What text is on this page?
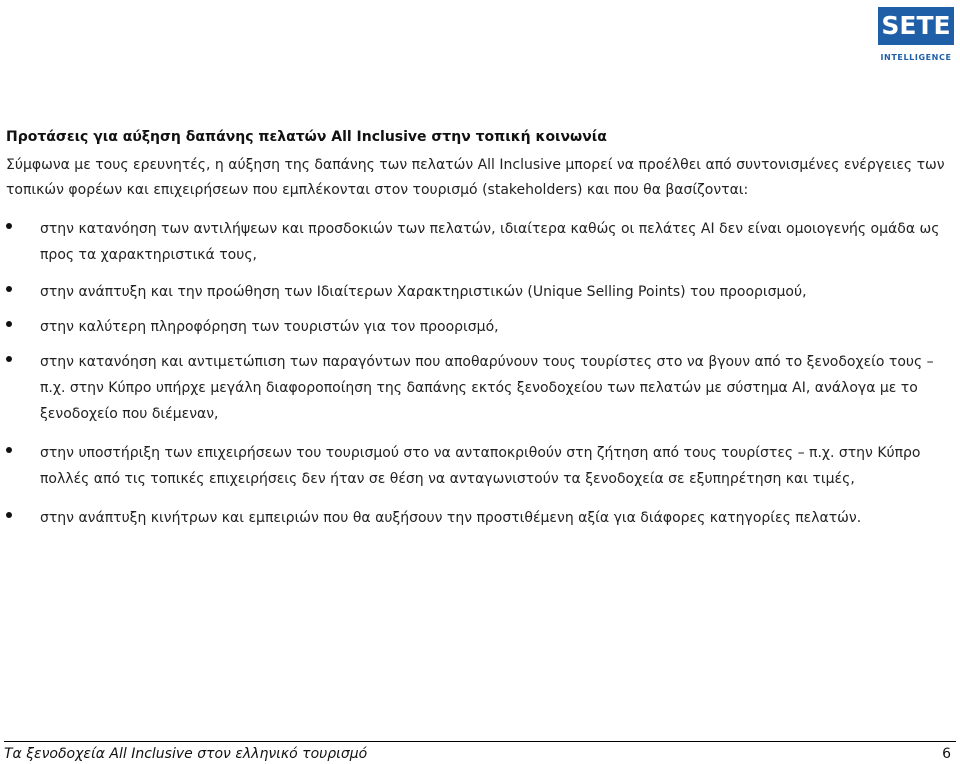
SETE
INTELLIGENCE
Προτάσεις για αύξηση δαπάνης πελατών All Inclusive στην τοπική κοινωνία
Σύμφωνα με τους ερευνητές, η αύξηση της δαπάνης των πελατών All Inclusive μπορεί να προέλθει από συντονισμένες ενέργειες των τοπικών φορέων και επιχειρήσεων που εμπλέκονται στον τουρισμό (stakeholders) και που θα βασίζονται:
στην κατανόηση των αντιλήψεων και προσδοκιών των πελατών, ιδιαίτερα καθώς οι πελάτες AI δεν είναι ομοιογενής ομάδα ως προς τα χαρακτηριστικά τους,
στην ανάπτυξη και την προώθηση των Ιδιαίτερων Χαρακτηριστικών (Unique Selling Points) του προορισμού,
στην καλύτερη πληροφόρηση των τουριστών για τον προορισμό,
στην κατανόηση και αντιμετώπιση των παραγόντων που αποθαρύνουν τους τουρίστες στο να βγουν από το ξενοδοχείο τους – π.χ. στην Κύπρο υπήρχε μεγάλη διαφοροποίηση της δαπάνης εκτός ξενοδοχείου των πελατών με σύστημα AI, ανάλογα με το ξενοδοχείο που διέμεναν,
στην υποστήριξη των επιχειρήσεων του τουρισμού στο να ανταποκριθούν στη ζήτηση από τους τουρίστες – π.χ. στην Κύπρο πολλές από τις τοπικές επιχειρήσεις δεν ήταν σε θέση να ανταγωνιστούν τα ξενοδοχεία σε εξυπηρέτηση και τιμές,
στην ανάπτυξη κινήτρων και εμπειριών που θα αυξήσουν την προστιθέμενη αξία για διάφορες κατηγορίες πελατών.
Τα ξενοδοχεία All Inclusive στον ελληνικό τουρισμό	6
